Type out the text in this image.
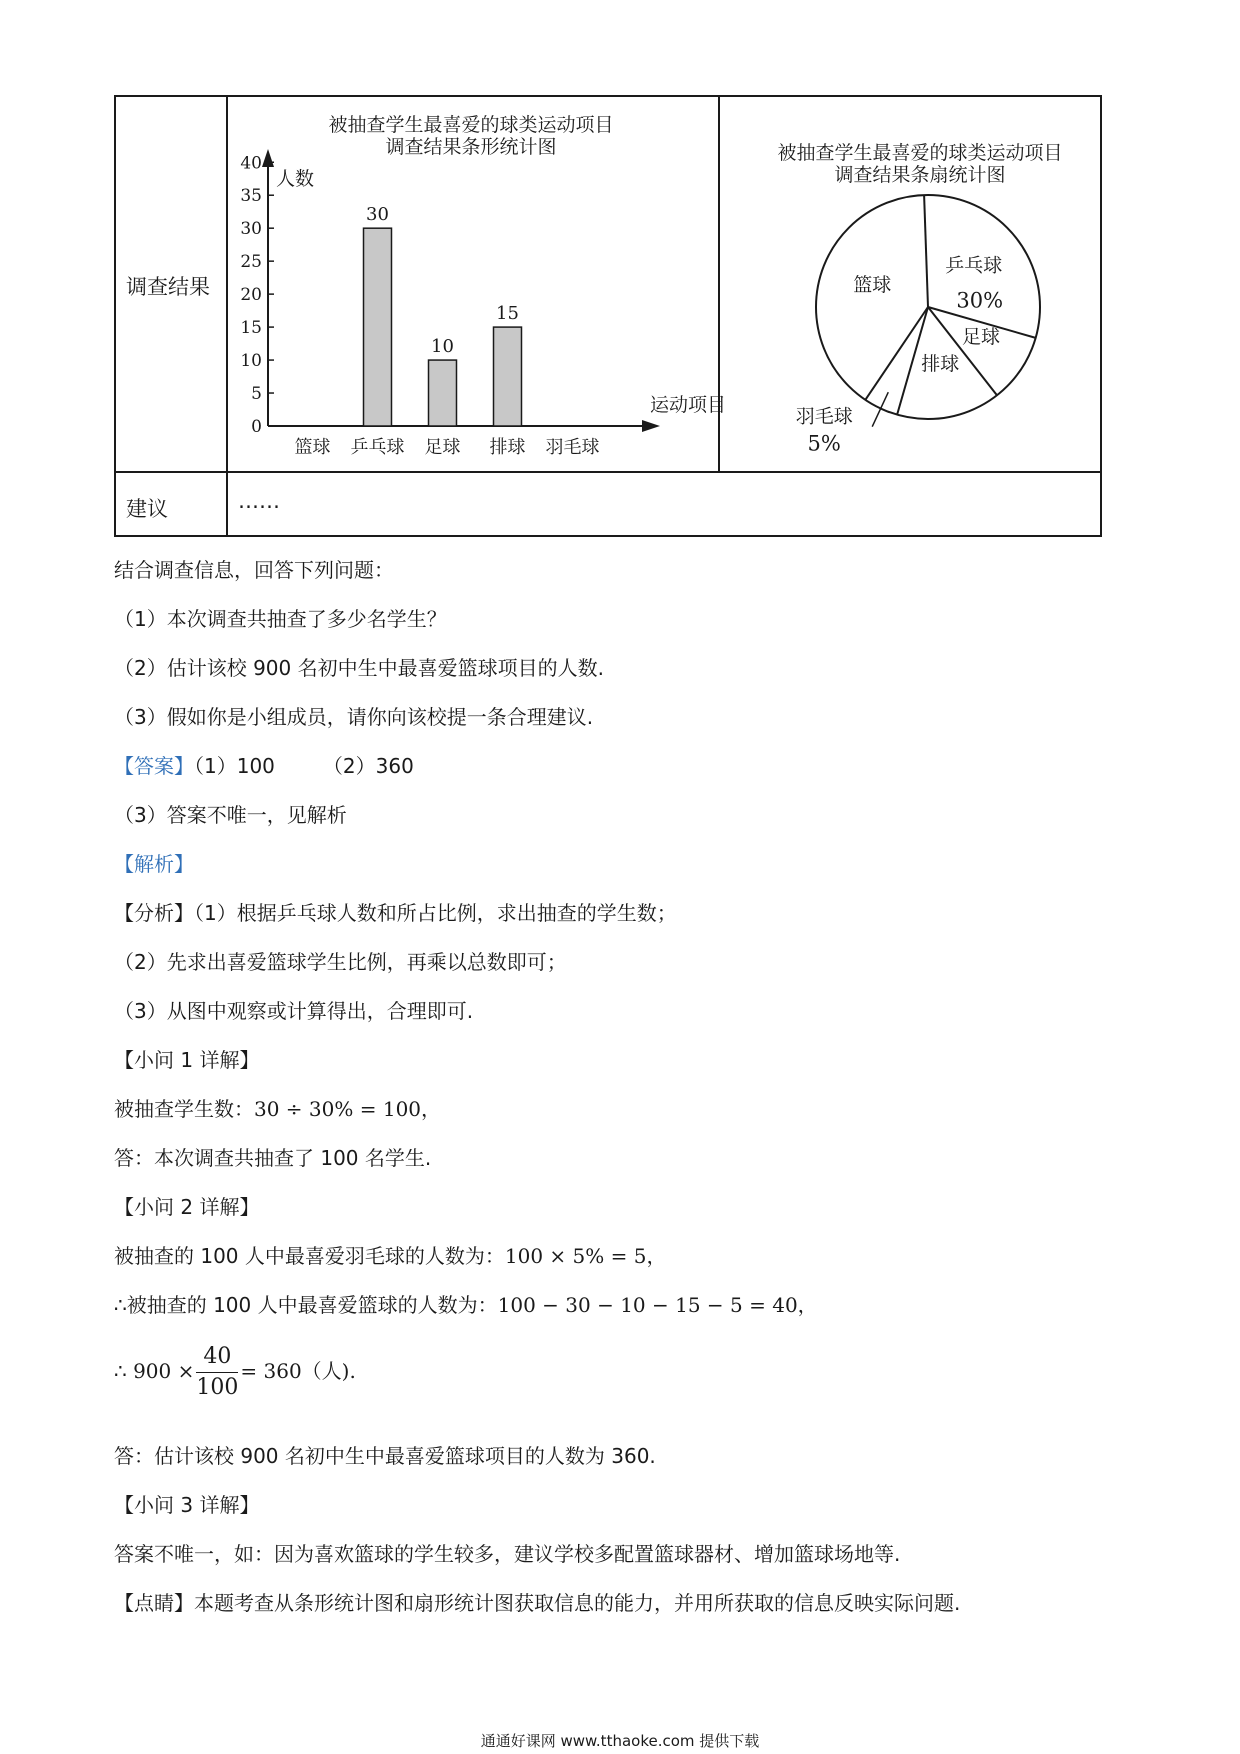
调查结果
建议	……
被抽查学生最喜爱的球类运动项目
调查结果条形统计图
人数
运动项目
0
5
10
15
20
25
30
35
40
30
10
15
篮球 乒乓球 足球 排球 羽毛球
被抽查学生最喜爱的球类运动项目
调查结果条扇统计图
篮球
乒乓球
30%
足球
排球
羽毛球
5%
结合调查信息，回答下列问题：
（1）本次调查共抽查了多少名学生？
（2）估计该校 900 名初中生中最喜爱篮球项目的人数.
（3）假如你是小组成员，请你向该校提一条合理建议.
【答案】（1）100 （2）360
（3）答案不唯一，见解析
【解析】
【分析】（1）根据乒乓球人数和所占比例，求出抽查的学生数；
（2）先求出喜爱篮球学生比例，再乘以总数即可；
（3）从图中观察或计算得出，合理即可.
【小问 1 详解】
被抽查学生数：30 ÷ 30% = 100，
答：本次调查共抽查了 100 名学生.
【小问 2 详解】
被抽查的 100 人中最喜爱羽毛球的人数为：100 × 5% = 5，
∴被抽查的 100 人中最喜爱篮球的人数为：100 − 30 − 10 − 15 − 5 = 40，
∴ $900 \times \frac{40}{100} = 360$（人).
答：估计该校 900 名初中生中最喜爱篮球项目的人数为 360.
【小问 3 详解】
答案不唯一，如：因为喜欢篮球的学生较多，建议学校多配置篮球器材、增加篮球场地等.
【点睛】本题考查从条形统计图和扇形统计图获取信息的能力，并用所获取的信息反映实际问题.
通通好课网 www.tthaoke.com 提供下载
